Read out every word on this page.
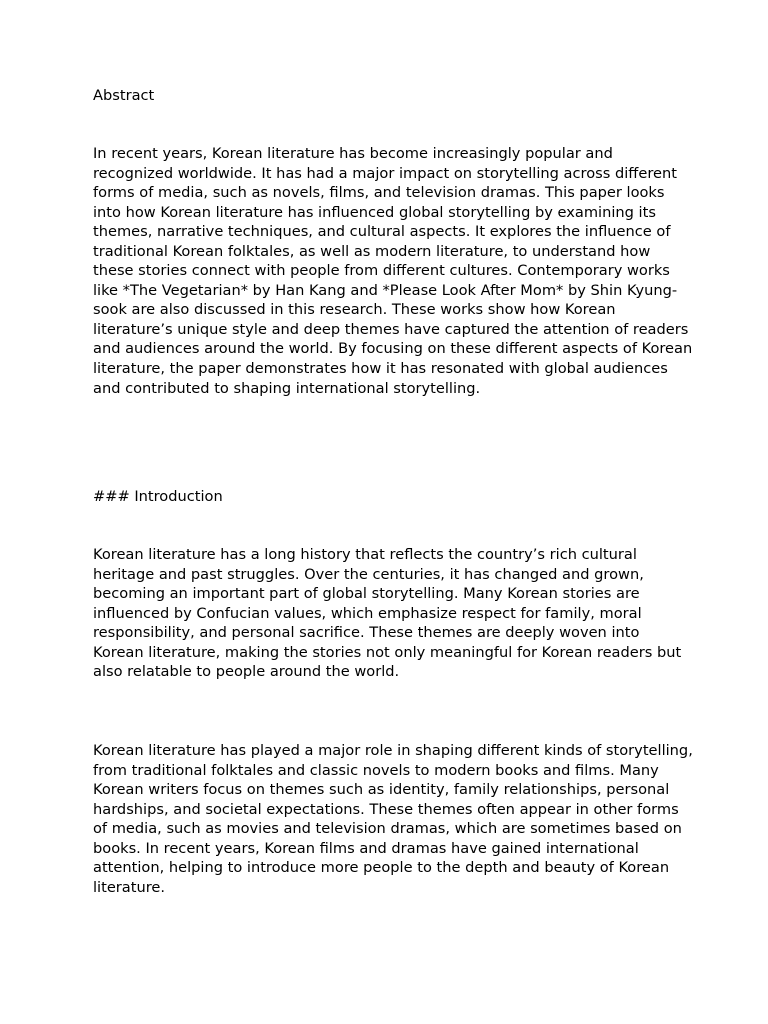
Abstract

In recent years, Korean literature has become increasingly popular and recognized worldwide. It has had a major impact on storytelling across different forms of media, such as novels, films, and television dramas. This paper looks into how Korean literature has influenced global storytelling by examining its themes, narrative techniques, and cultural aspects. It explores the influence of traditional Korean folktales, as well as modern literature, to understand how these stories connect with people from different cultures. Contemporary works like *The Vegetarian* by Han Kang and *Please Look After Mom* by Shin Kyung-sook are also discussed in this research. These works show how Korean literature’s unique style and deep themes have captured the attention of readers and audiences around the world. By focusing on these different aspects of Korean literature, the paper demonstrates how it has resonated with global audiences and contributed to shaping international storytelling.

### Introduction

Korean literature has a long history that reflects the country’s rich cultural heritage and past struggles. Over the centuries, it has changed and grown, becoming an important part of global storytelling. Many Korean stories are influenced by Confucian values, which emphasize respect for family, moral responsibility, and personal sacrifice. These themes are deeply woven into Korean literature, making the stories not only meaningful for Korean readers but also relatable to people around the world.

Korean literature has played a major role in shaping different kinds of storytelling, from traditional folktales and classic novels to modern books and films. Many Korean writers focus on themes such as identity, family relationships, personal hardships, and societal expectations. These themes often appear in other forms of media, such as movies and television dramas, which are sometimes based on books. In recent years, Korean films and dramas have gained international attention, helping to introduce more people to the depth and beauty of Korean literature.
